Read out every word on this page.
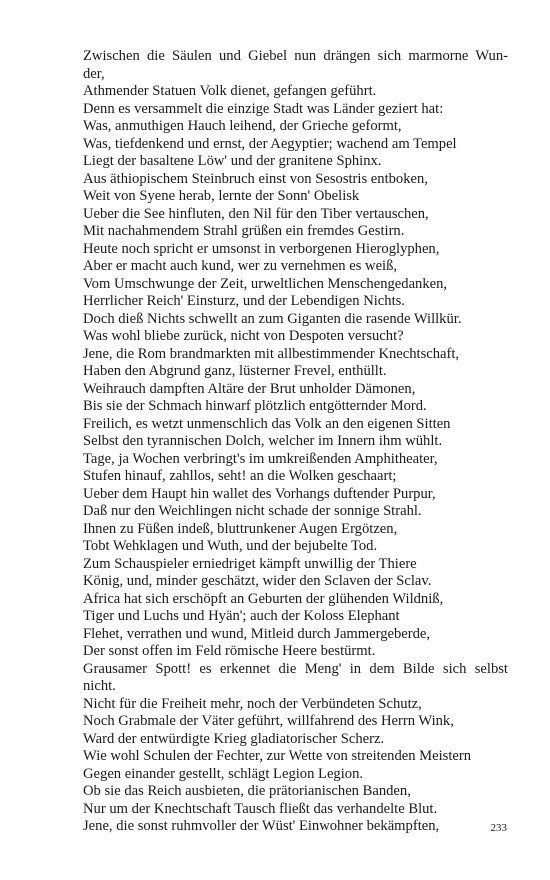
Zwischen die Säulen und Giebel nun drängen sich marmorne Wun-
der,
Athmender Statuen Volk dienet, gefangen geführt.
Denn es versammelt die einzige Stadt was Länder geziert hat:
Was, anmuthigen Hauch leihend, der Grieche geformt,
Was, tiefdenkend und ernst, der Aegyptier; wachend am Tempel
Liegt der basaltene Löw' und der granitene Sphinx.
Aus äthiopischem Steinbruch einst von Sesostris entboken,
Weit von Syene herab, lernte der Sonn' Obelisk
Ueber die See hinfluten, den Nil für den Tiber vertauschen,
Mit nachahmendem Strahl grüßen ein fremdes Gestirn.
Heute noch spricht er umsonst in verborgenen Hieroglyphen,
Aber er macht auch kund, wer zu vernehmen es weiß,
Vom Umschwunge der Zeit, urweltlichen Menschengedanken,
Herrlicher Reich' Einsturz, und der Lebendigen Nichts.
Doch dieß Nichts schwellt an zum Giganten die rasende Willkür.
Was wohl bliebe zurück, nicht von Despoten versucht?
Jene, die Rom brandmarkten mit allbestimmender Knechtschaft,
Haben den Abgrund ganz, lüsterner Frevel, enthüllt.
Weihrauch dampften Altäre der Brut unholder Dämonen,
Bis sie der Schmach hinwarf plötzlich entgötternder Mord.
Freilich, es wetzt unmenschlich das Volk an den eigenen Sitten
Selbst den tyrannischen Dolch, welcher im Innern ihm wühlt.
Tage, ja Wochen verbringt's im umkreißenden Amphitheater,
Stufen hinauf, zahllos, seht! an die Wolken geschaart;
Ueber dem Haupt hin wallet des Vorhangs duftender Purpur,
Daß nur den Weichlingen nicht schade der sonnige Strahl.
Ihnen zu Füßen indeß, bluttrunkener Augen Ergötzen,
Tobt Wehklagen und Wuth, und der bejubelte Tod.
Zum Schauspieler erniedriget kämpft unwillig der Thiere
König, und, minder geschätzt, wider den Sclaven der Sclav.
Africa hat sich erschöpft an Geburten der glühenden Wildniß,
Tiger und Luchs und Hyän'; auch der Koloss Elephant
Flehet, verrathen und wund, Mitleid durch Jammergeberde,
Der sonst offen im Feld römische Heere bestürmt.
Grausamer Spott! es erkennet die Meng' in dem Bilde sich selbst
nicht.
Nicht für die Freiheit mehr, noch der Verbündeten Schutz,
Noch Grabmale der Väter geführt, willfahrend des Herrn Wink,
Ward der entwürdigte Krieg gladiatorischer Scherz.
Wie wohl Schulen der Fechter, zur Wette von streitenden Meistern
Gegen einander gestellt, schlägt Legion Legion.
Ob sie das Reich ausbieten, die prätorianischen Banden,
Nur um der Knechtschaft Tausch fließt das verhandelte Blut.
Jene, die sonst ruhmvoller der Wüst' Einwohner bekämpften,	233
